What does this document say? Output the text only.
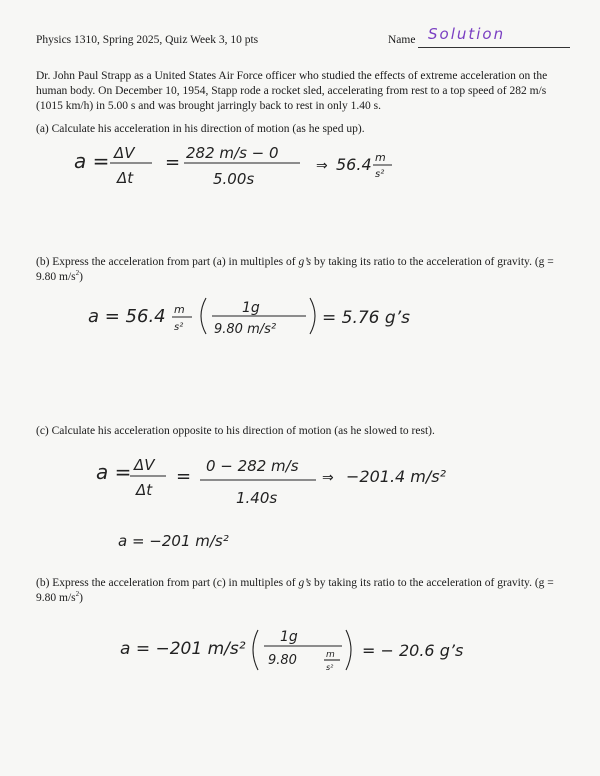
Physics 1310, Spring 2025, Quiz Week 3, 10 pts	Name Solution
Dr. John Paul Strapp as a United States Air Force officer who studied the effects of extreme acceleration on the human body. On December 10, 1954, Stapp rode a rocket sled, accelerating from rest to a top speed of 282 m/s (1015 km/h) in 5.00 s and was brought jarringly back to rest in only 1.40 s.
(a) Calculate his acceleration in his direction of motion (as he sped up).
(b) Express the acceleration from part (a) in multiples of g’s by taking its ratio to the acceleration of gravity. (g = 9.80 $m/s^2$)
(c) Calculate his acceleration opposite to his direction of motion (as he slowed to rest).
(b) Express the acceleration from part (c) in multiples of g’s by taking its ratio to the acceleration of gravity. (g = 9.80 $m/s^2$)
a = ΔV
Δt
= 282 m/s − 0
5.00s
⇒ 56.4 m
s²
a = 56.4 m
s²
1g
9.80 m/s²
= 5.76 g’s
a = ΔV
Δt
= 0 − 282 m/s
1.40s
⇒ −201.4 m/s²
a = −201 m/s²
a = −201 m/s²
1g
9.80	m
s²
= − 20.6 g’s
